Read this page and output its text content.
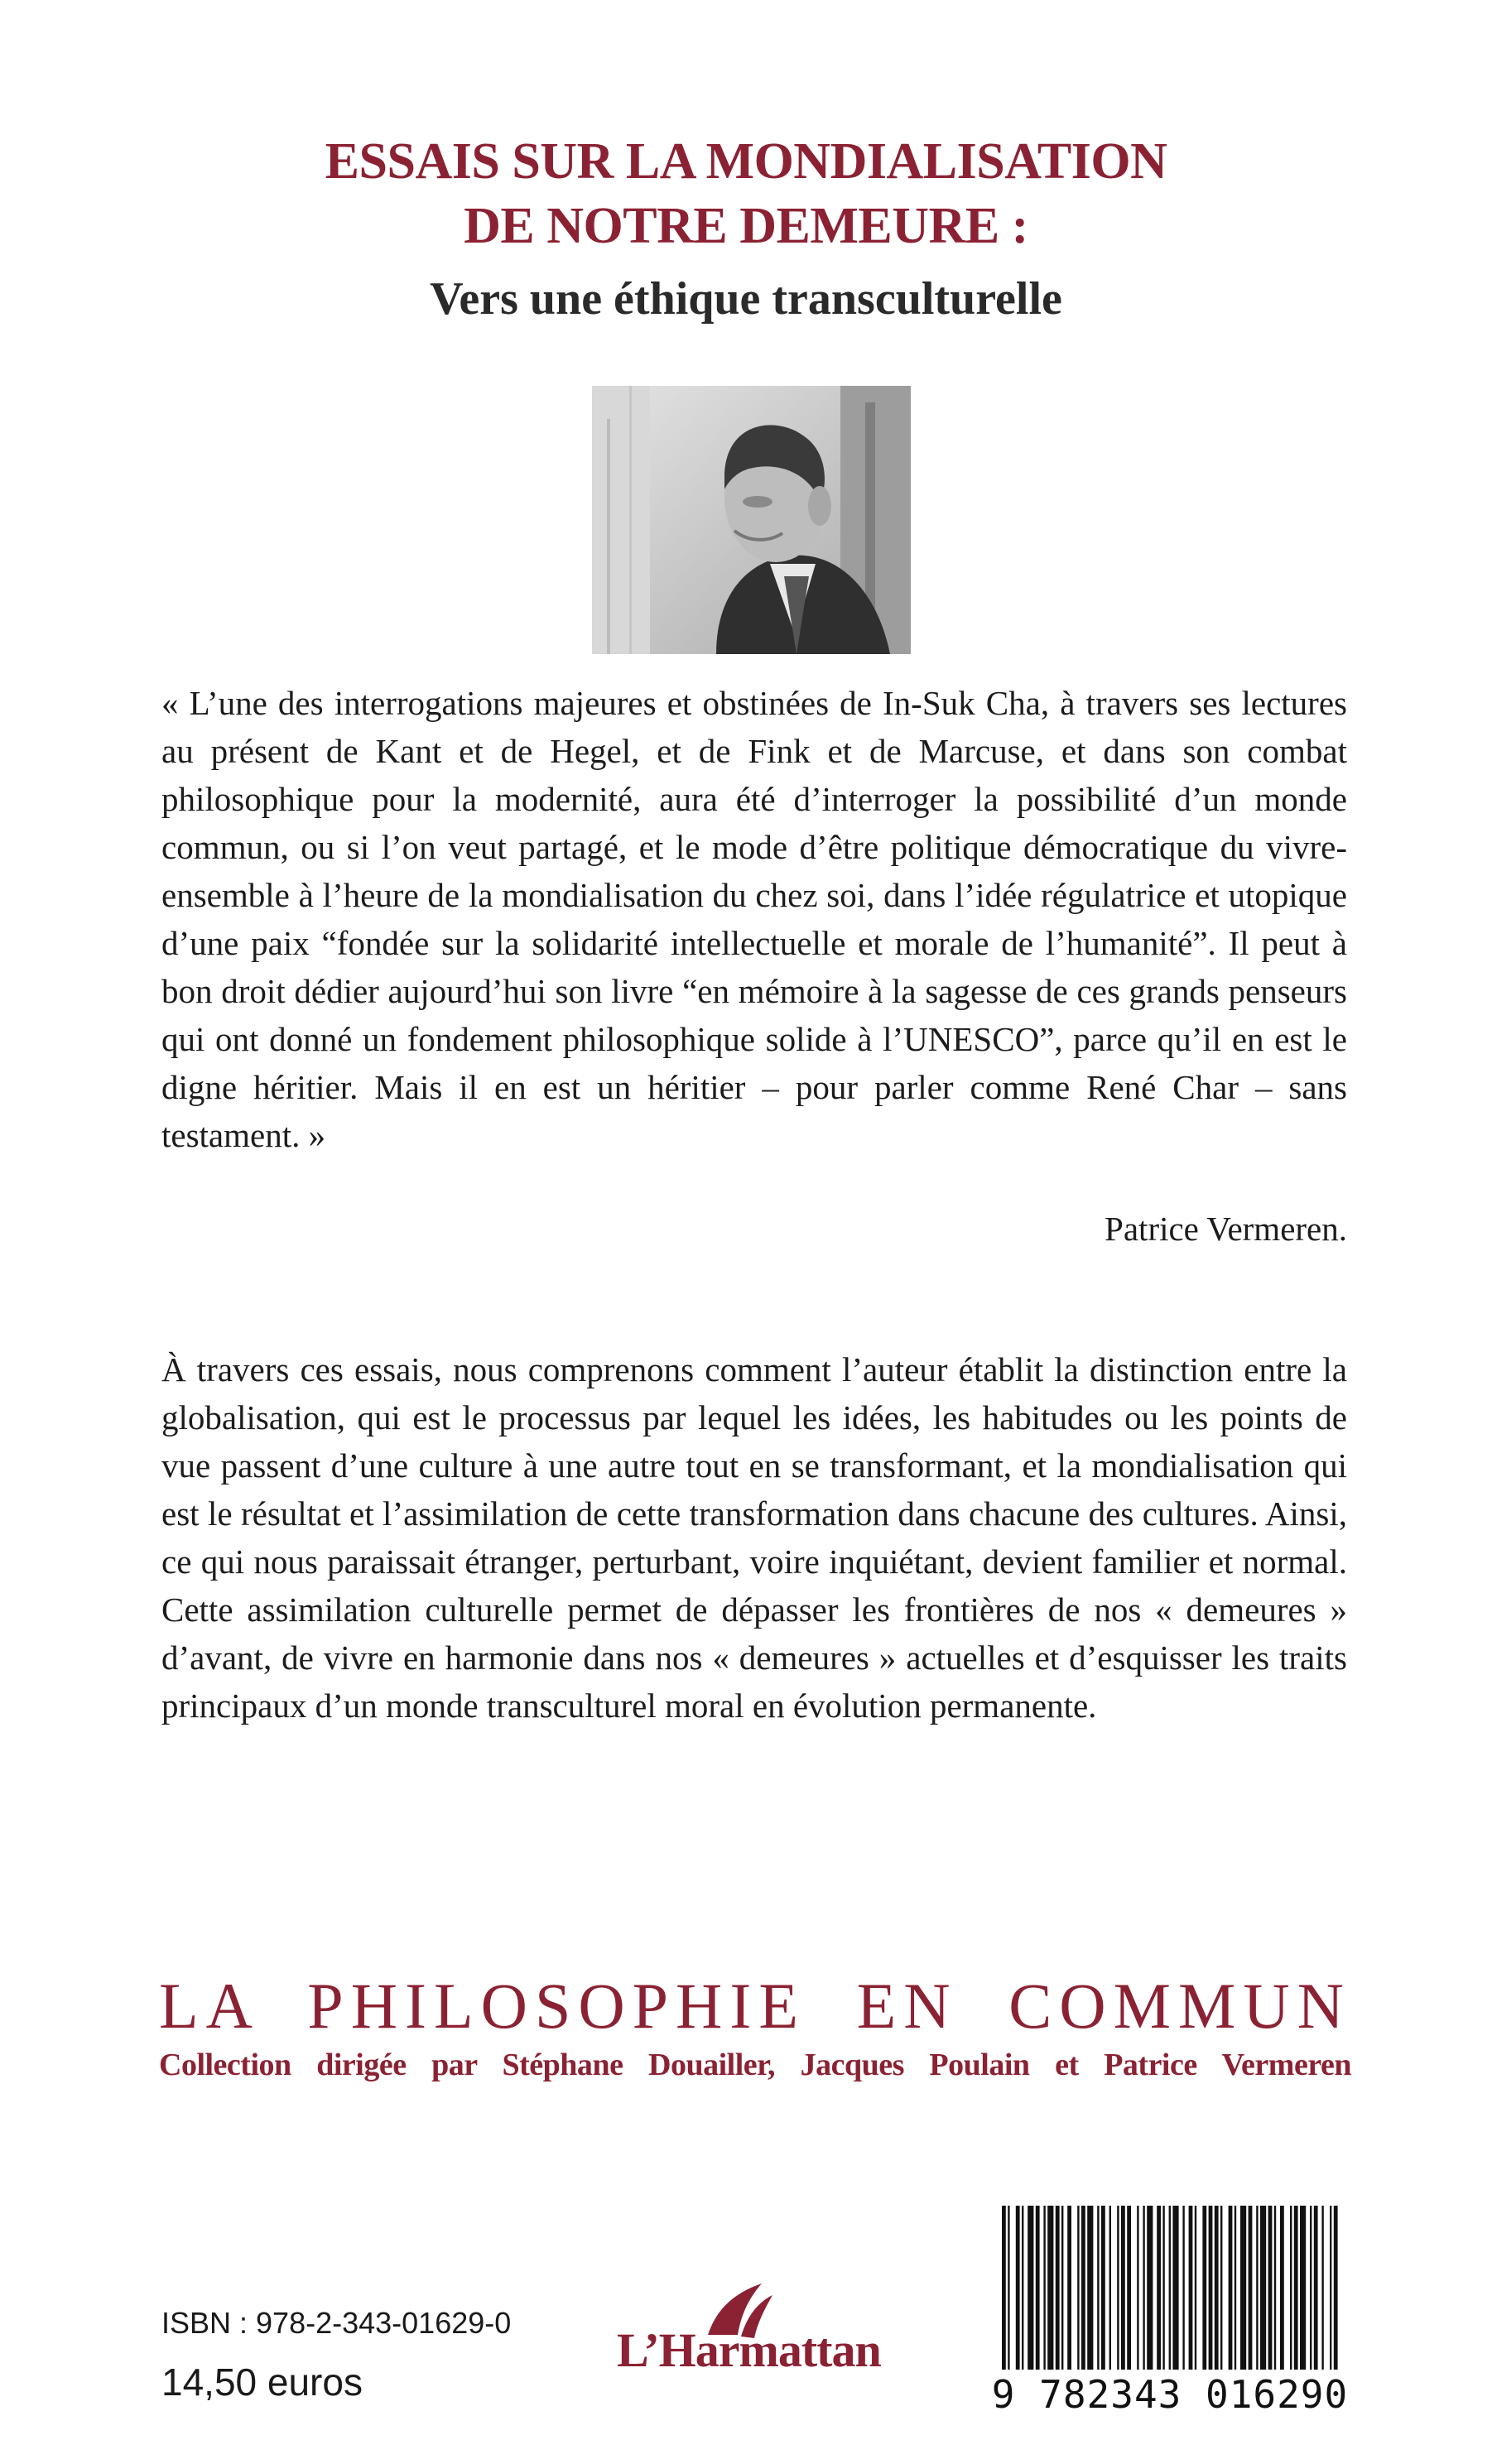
ESSAIS SUR LA MONDIALISATION
DE NOTRE DEMEURE :
Vers une éthique transculturelle

« L’une des interrogations majeures et obstinées de In-Suk Cha, à travers ses lectures au présent de Kant et de Hegel, et de Fink et de Marcuse, et dans son combat philosophique pour la modernité, aura été d’interroger la possibilité d’un monde commun, ou si l’on veut partagé, et le mode d’être politique démocratique du vivre-ensemble à l’heure de la mondialisation du chez soi, dans l’idée régulatrice et utopique d’une paix “fondée sur la solidarité intellectuelle et morale de l’humanité”. Il peut à bon droit dédier aujourd’hui son livre “en mémoire à la sagesse de ces grands penseurs qui ont donné un fondement philosophique solide à l’UNESCO”, parce qu’il en est le digne héritier. Mais il en est un héritier – pour parler comme René Char – sans testament. »

Patrice Vermeren.

À travers ces essais, nous comprenons comment l’auteur établit la distinction entre la globalisation, qui est le processus par lequel les idées, les habitudes ou les points de vue passent d’une culture à une autre tout en se transformant, et la mondialisation qui est le résultat et l’assimilation de cette transformation dans chacune des cultures. Ainsi, ce qui nous paraissait étranger, perturbant, voire inquiétant, devient familier et normal. Cette assimilation culturelle permet de dépasser les frontières de nos « demeures » d’avant, de vivre en harmonie dans nos « demeures » actuelles et d’esquisser les traits principaux d’un monde transculturel moral en évolution permanente.

LA PHILOSOPHIE EN COMMUN
Collection dirigée par Stéphane Douailler, Jacques Poulain et Patrice Vermeren
ISBN : 978-2-343-01629-0
14,50 euros
L’Harmattan
9 782343 016290
